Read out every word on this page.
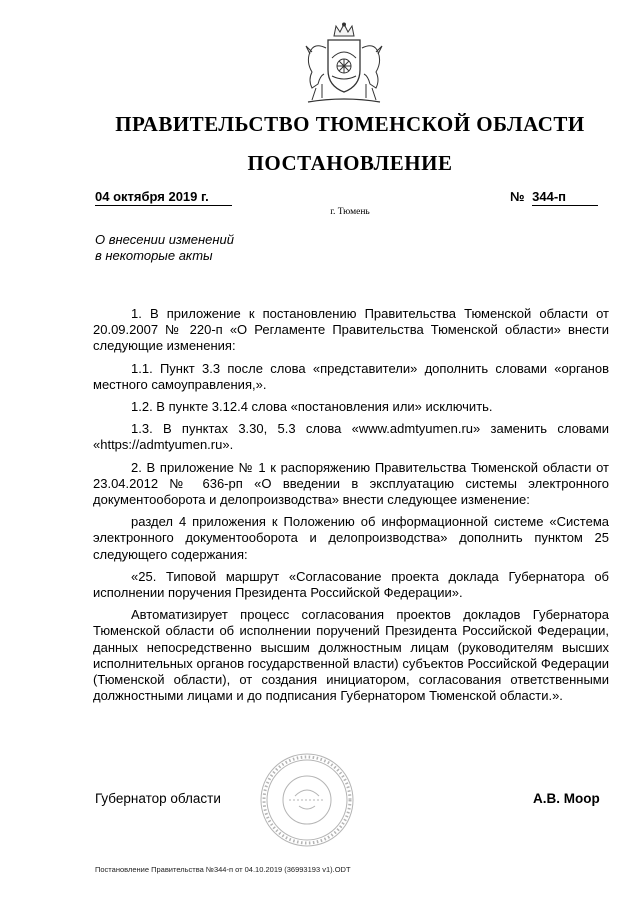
ПРАВИТЕЛЬСТВО ТЮМЕНСКОЙ ОБЛАСТИ
ПОСТАНОВЛЕНИЕ
04 октября 2019 г.	№ 344-п
г. Тюмень
О внесении изменений
в некоторые акты

1. В приложение к постановлению Правительства Тюменской области от 20.09.2007 № 220-п «О Регламенте Правительства Тюменской области» внести следующие изменения:

1.1. Пункт 3.3 после слова «представители» дополнить словами «органов местного самоуправления,».

1.2. В пункте 3.12.4 слова «постановления или» исключить.

1.3. В пунктах 3.30, 5.3 слова «www.admtyumen.ru» заменить словами «https://admtyumen.ru».

2. В приложение № 1 к распоряжению Правительства Тюменской области от 23.04.2012 № 636-рп «О введении в эксплуатацию системы электронного документооборота и делопроизводства» внести следующее изменение:

раздел 4 приложения к Положению об информационной системе «Система электронного документооборота и делопроизводства» дополнить пунктом 25 следующего содержания:

«25. Типовой маршрут «Согласование проекта доклада Губернатора об исполнении поручения Президента Российской Федерации».

Автоматизирует процесс согласования проектов докладов Губернатора Тюменской области об исполнении поручений Президента Российской Федерации, данных непосредственно высшим должностным лицам (руководителям высших исполнительных органов государственной власти) субъектов Российской Федерации (Тюменской области), от создания инициатором, согласования ответственными должностными лицами и до подписания Губернатором Тюменской области.».

Губернатор области	А.В. Моор
Постановление Правительства №344-п от 04.10.2019 (36993193 v1).ODT
